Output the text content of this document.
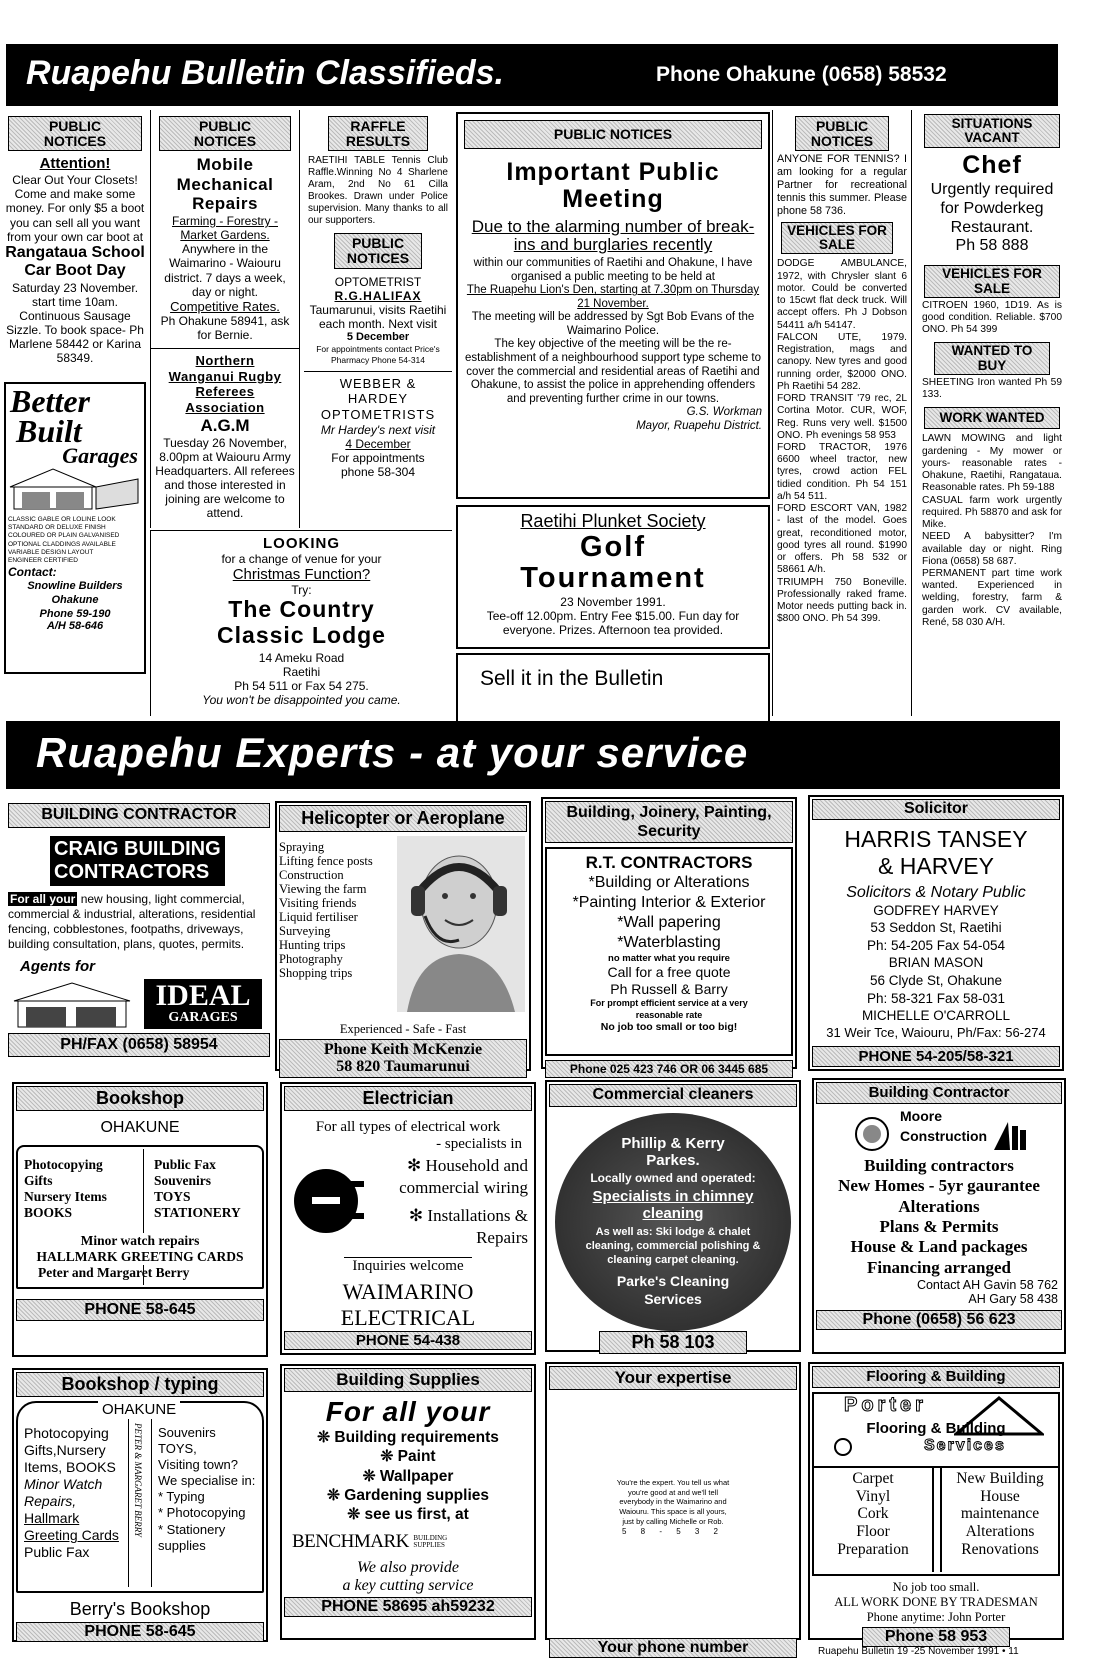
Ruapehu Bulletin Classifieds.	Phone Ohakune (0658) 58532
PUBLIC NOTICES
Attention!
Clear Out Your Closets! Come and make some money. For only $5 a boot you can sell all you want from your own car boot at
Rangataua School Car Boot Day
Saturday 23 November. start time 10am. Continuous Sausage Sizzle. To book space- Ph Marlene 58442 or Karina 58349.
Better
Built
Garages
CLASSIC GABLE OR LOLINE LOOK
STANDARD OR DELUXE FINISH
COLOURED OR PLAIN GALVANISED
OPTIONAL CLADDINGS AVAILABLE
VARIABLE DESIGN LAYOUT
ENGINEER CERTIFIED
Contact:
Snowline Builders Ohakune
Phone 59-190
A/H 58-646
PUBLIC NOTICES
Mobile Mechanical Repairs
Farming - Forestry - Market Gardens.
Anywhere in the Waimarino - Waiouru district. 7 days a week, day or night.
Competitive Rates.
Ph Ohakune 58941, ask for Bernie.
Northern Wanganui Rugby Referees Association
A.G.M
Tuesday 26 November, 8.00pm at Waiouru Army Headquarters. All referees and those interested in joining are welcome to attend.
RAFFLE RESULTS
RAETIHI TABLE Tennis Club Raffle.Winning No 4 Sharlene Aram, 2nd No 61 Cilla Brookes. Drawn under Police supervision. Many thanks to all our supporters.
PUBLIC NOTICES
OPTOMETRIST
R.G.HALIFAX
Taumarunui, visits Raetihi each month. Next visit
5 December
For appointments contact Price's Pharmacy Phone 54-314
WEBBER & HARDEY OPTOMETRISTS
Mr Hardey's next visit
4 December
For appointments phone 58-304
LOOKING
for a change of venue for your
Christmas Function?
Try:
The Country Classic Lodge
14 Ameku Road
Raetihi
Ph 54 511 or Fax 54 275.
You won't be disappointed you came.
PUBLIC NOTICES
Important Public Meeting
Due to the alarming number of break-ins and burglaries recently
within our communities of Raetihi and Ohakune, I have organised a public meeting to be held at
The Ruapehu Lion's Den, starting at 7.30pm on Thursday 21 November.
The meeting will be addressed by Sgt Bob Evans of the Waimarino Police.
The key objective of the meeting will be the re-establishment of a neighbourhood support type scheme to cover the commercial and residential areas of Raetihi and Ohakune, to assist the police in apprehending offenders and preventing further crime in our towns.
G.S. Workman
Mayor, Ruapehu District.
Raetihi Plunket Society
Golf Tournament
23 November 1991.
Tee-off 12.00pm. Entry Fee $15.00. Fun day for everyone. Prizes. Afternoon tea provided.
Sell it in the Bulletin
PUBLIC NOTICES
ANYONE FOR TENNIS? I am looking for a regular Partner for recreational tennis this summer. Please phone 58 736.
VEHICLES FOR SALE
DODGE AMBULANCE, 1972, with Chrysler slant 6 motor. Could be converted to 15cwt flat deck truck. Will accept offers. Ph J Dobson 54411 a/h 54147.
FALCON UTE, 1979. Registration, mags and canopy. New tyres and good running order, $2000 ONO. Ph Raetihi 54 282.
FORD TRANSIT '79 rec, 2L Cortina Motor. CUR, WOF, Reg. Runs very well. $1500 ONO. Ph evenings 58 953
FORD TRACTOR, 1976 6600 wheel tractor, new tyres, crowd action FEL tidied condition. Ph 54 151 a/h 54 511.
FORD ESCORT VAN, 1982 - last of the model. Goes great, reconditioned motor, good tyres all round. $1990 or offers. Ph 58 532 or 58661 A/h.
TRIUMPH 750 Boneville. Professionally raked frame. Motor needs putting back in. $800 ONO. Ph 54 399.
SITUATIONS VACANT
Chef
Urgently required for Powderkeg Restaurant.
Ph 58 888
VEHICLES FOR SALE
CITROEN 1960, 1D19. As is good condition. Reliable. $700 ONO. Ph 54 399
WANTED TO BUY
SHEETING Iron wanted Ph 59 133.
WORK WANTED
LAWN MOWING and light gardening - My mower or yours- reasonable rates - Ohakune, Raetihi, Rangataua. Reasonable rates. Ph 59-188
CASUAL farm work urgently required. Ph 58870 and ask for Mike.
NEED A babysitter? I'm available day or night. Ring Fiona (0658) 58 687.
PERMANENT part time work wanted. Experienced in welding, forestry, farm & garden work. CV available, René, 58 030 A/H.
Ruapehu Experts - at your service
BUILDING CONTRACTOR
CRAIG BUILDING
CONTRACTORS
For all your new housing, light commercial, commercial & industrial, alterations, residential fencing, cobblestones, footpaths, driveways, building consultation, plans, quotes, permits.
Agents for
IDEAL
GARAGES
PH/FAX (0658) 58954
Helicopter or Aeroplane
Spraying
Lifting fence posts
Construction
Viewing the farm
Visiting friends
Liquid fertiliser
Surveying
Hunting trips
Photography
Shopping trips
Experienced - Safe - Fast
Phone Keith McKenzie
58 820 Taumarunui
Building, Joinery, Painting, Security
R.T. CONTRACTORS
*Building or Alterations
*Painting Interior & Exterior
*Wall papering
*Waterblasting
no matter what you require
Call for a free quote
Ph Russell & Barry
For prompt efficient service at a very reasonable rate
No job too small or too big!
Phone 025 423 746 OR 06 3445 685
Solicitor
HARRIS TANSEY
& HARVEY
Solicitors & Notary Public
GODFREY HARVEY
53 Seddon St, Raetihi
Ph: 54-205 Fax 54-054
BRIAN MASON
56 Clyde St, Ohakune
Ph: 58-321 Fax 58-031
MICHELLE O'CARROLL
31 Weir Tce, Waiouru, Ph/Fax: 56-274
PHONE 54-205/58-321
Bookshop
OHAKUNE
Photocopying
Gifts
Nursery Items
BOOKS
Public Fax
Souvenirs
TOYS
STATIONERY
Minor watch repairs
HALLMARK GREETING CARDS
Peter and Margaret Berry
PHONE 58-645
Electrician
For all types of electrical work
- specialists in
✻ Household and commercial wiring
✻ Installations & Repairs
Inquiries welcome
WAIMARINO
ELECTRICAL
PHONE 54-438
Commercial cleaners
Phillip & Kerry Parkes.
Locally owned and operated:
Specialists in chimney cleaning
As well as: Ski lodge & chalet cleaning, commercial polishing & cleaning carpet cleaning.
Parke's Cleaning Services
Ph 58 103
Building Contractor
Moore
Construction
Building contractors
New Homes - 5yr gaurantee
Alterations
Plans & Permits
House & Land packages
Financing arranged
Contact AH Gavin 58 762
AH Gary 58 438
Phone (0658) 56 623
Bookshop / typing
OHAKUNE
Photocopying
Gifts,Nursery
Items, BOOKS
Minor Watch
Repairs,
Hallmark
Greeting Cards
Public Fax
PETER & MARGARET BERRY Souvenirs
TOYS,
Visiting town?
We specialise in:
* Typing
* Photocopying
* Stationery
supplies
Berry's Bookshop
PHONE 58-645
Building Supplies
For all your
❊ Building requirements
❊ Paint
❊ Wallpaper
❊ Gardening supplies
❊ see us first, at
BENCHMARK BUILDING SUPPLIES
We also provide
a key cutting service
PHONE 58695 ah59232
Your expertise
You're the expert. You tell us what you're good at and we'll tell everybody in the Waimarino and Waiouru. This space is all yours, just by calling Michelle or Rob.
5 8 - 5 3 2
Your phone number
Flooring & Building
Porter
Flooring & Building
Services
Carpet
Vinyl
Cork
Floor
Preparation
New Building
House
maintenance
Alterations
Renovations
No job too small.
ALL WORK DONE BY TRADESMAN
Phone anytime: John Porter
Phone 58 953
Ruapehu Bulletin 19 -25 November 1991 • 11
